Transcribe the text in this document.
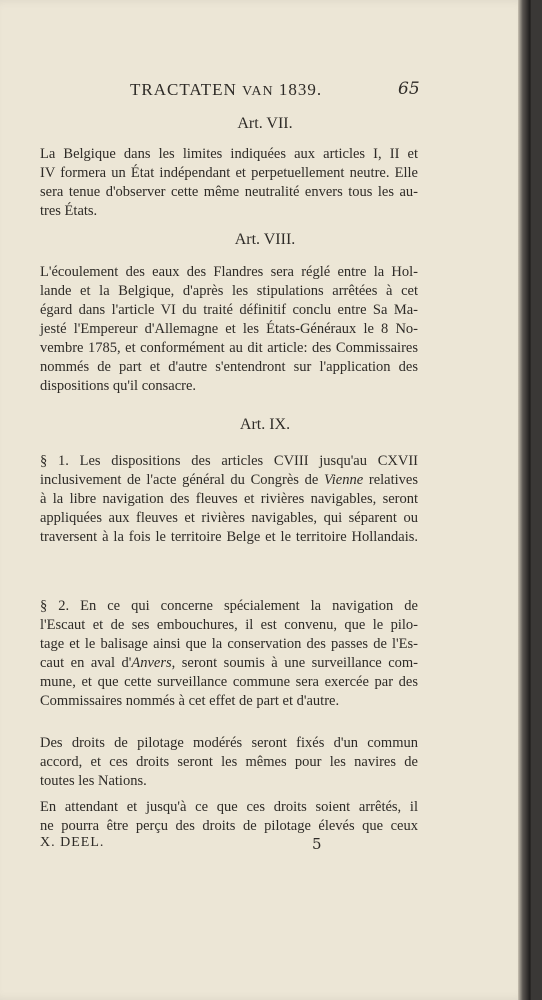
TRACTATEN VAN 1839.	65

Art. VII.

La Belgique dans les limites indiquées aux articles I, II et

IV formera un État indépendant et perpetuellement neutre. Elle

sera tenue d'observer cette même neutralité envers tous les au-

tres États.

Art. VIII.

L'écoulement des eaux des Flandres sera réglé entre la Hol-

lande et la Belgique, d'après les stipulations arrêtées à cet

égard dans l'article VI du traité définitif conclu entre Sa Ma-

jesté l'Empereur d'Allemagne et les États-Généraux le 8 No-

vembre 1785, et conformément au dit article: des Commissaires

nommés de part et d'autre s'entendront sur l'application des

dispositions qu'il consacre.

Art. IX.

§ 1. Les dispositions des articles CVIII jusqu'au CXVII

inclusivement de l'acte général du Congrès de Vienne relatives

à la libre navigation des fleuves et rivières navigables, seront

appliquées aux fleuves et rivières navigables, qui séparent ou

traversent à la fois le territoire Belge et le territoire Hollandais.

§ 2. En ce qui concerne spécialement la navigation de

l'Escaut et de ses embouchures, il est convenu, que le pilo-

tage et le balisage ainsi que la conservation des passes de l'Es-

caut en aval d'Anvers, seront soumis à une surveillance com-

mune, et que cette surveillance commune sera exercée par des

Commissaires nommés à cet effet de part et d'autre.

Des droits de pilotage modérés seront fixés d'un commun

accord, et ces droits seront les mêmes pour les navires de

toutes les Nations.

En attendant et jusqu'à ce que ces droits soient arrêtés, il

ne pourra être perçu des droits de pilotage élevés que ceux

X. DEEL.	5
